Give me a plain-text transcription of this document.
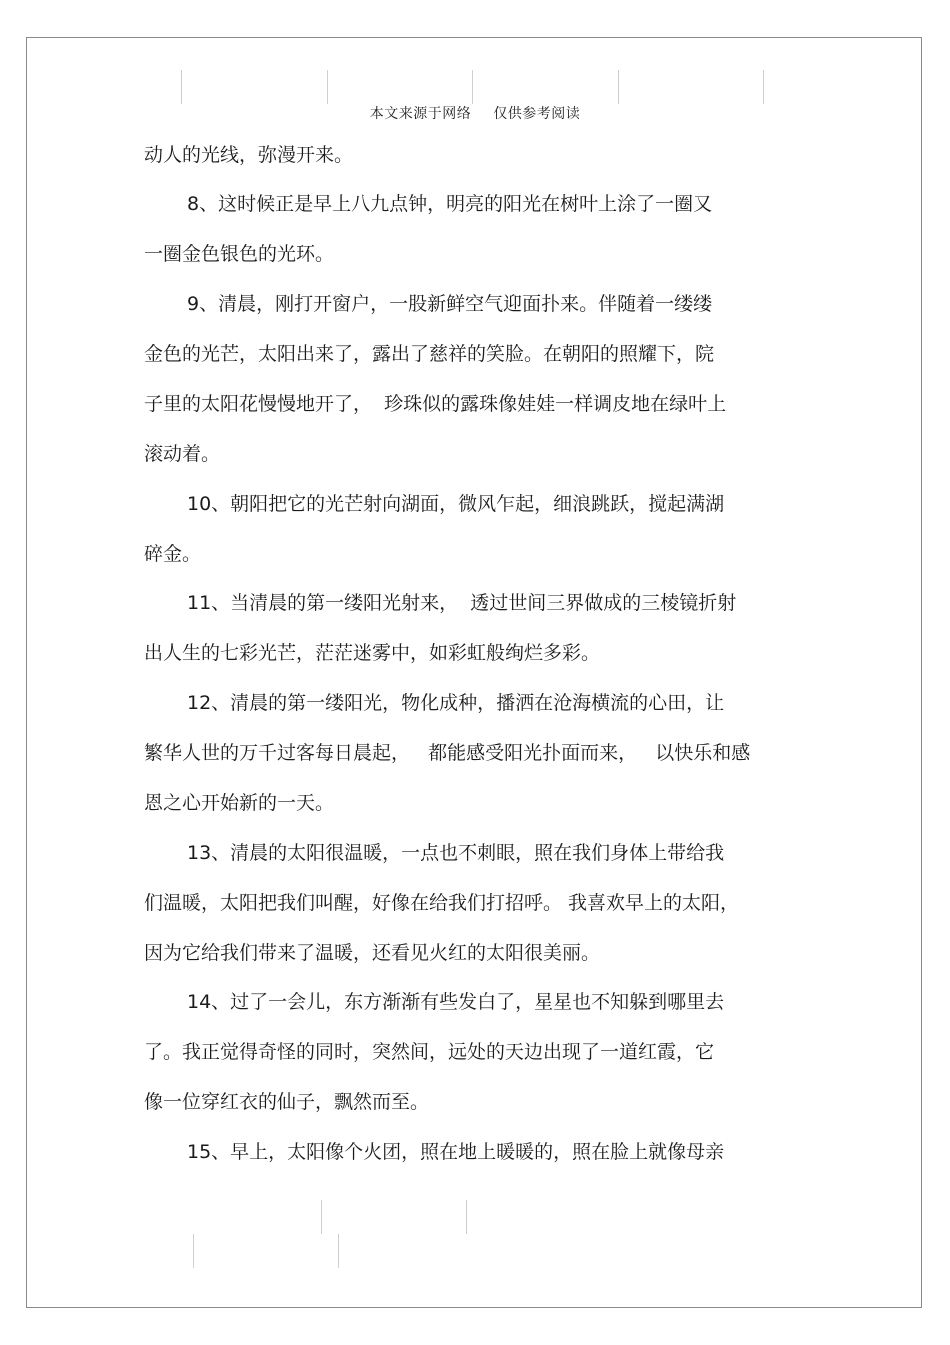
本文来源于网络 仅供参考阅读
动人的光线，弥漫开来。
8、这时候正是早上八九点钟，明亮的阳光在树叶上涂了一圈又
一圈金色银色的光环。
9、清晨，刚打开窗户，一股新鲜空气迎面扑来。伴随着一缕缕
金色的光芒，太阳出来了，露出了慈祥的笑脸。在朝阳的照耀下，院
子里的太阳花慢慢地开了，  珍珠似的露珠像娃娃一样调皮地在绿叶上
滚动着。
10、朝阳把它的光芒射向湖面，微风乍起，细浪跳跃，搅起满湖
碎金。
11、当清晨的第一缕阳光射来，  透过世间三界做成的三棱镜折射
出人生的七彩光芒，茫茫迷雾中，如彩虹般绚烂多彩。
12、清晨的第一缕阳光，物化成种，播洒在沧海横流的心田，让
繁华人世的万千过客每日晨起，   都能感受阳光扑面而来，   以快乐和感
恩之心开始新的一天。
13、清晨的太阳很温暖，一点也不刺眼，照在我们身体上带给我
们温暖，太阳把我们叫醒，好像在给我们打招呼。 我喜欢早上的太阳，
因为它给我们带来了温暖，还看见火红的太阳很美丽。
14、过了一会儿，东方渐渐有些发白了，星星也不知躲到哪里去
了。我正觉得奇怪的同时，突然间，远处的天边出现了一道红霞，它
像一位穿红衣的仙子，飘然而至。
15、早上，太阳像个火团，照在地上暖暖的，照在脸上就像母亲
